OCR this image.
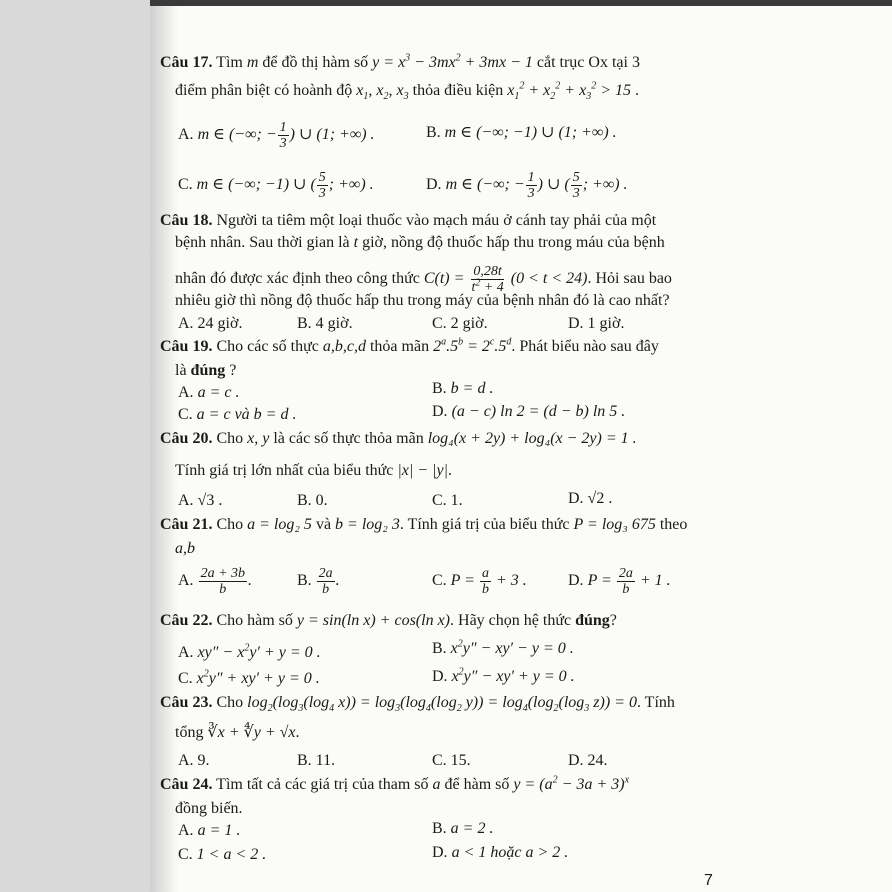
Câu 17. Tìm m để đồ thị hàm số $y = x^3 - 3mx^2 + 3mx - 1$ cắt trục Ox tại 3
điểm phân biệt có hoành độ $x_1$, $x_2$, $x_3$ thỏa điều kiện $x_1^2 + x_2^2 + x_3^2 > 15$ .
A. m ∈ (−∞; − $\frac{1}{3}$ ) ∪ (1; +∞) .	B. m ∈ (−∞; −1) ∪ (1; +∞) .
C. m ∈ (−∞; −1) ∪ ( $\frac{5}{3}$ ; +∞) .	D. m ∈ (−∞; − $\frac{1}{3}$ ) ∪ ( $\frac{5}{3}$ ; +∞) .
Câu 18. Người ta tiêm một loại thuốc vào mạch máu ở cánh tay phải của một
bệnh nhân. Sau thời gian là t giờ, nồng độ thuốc hấp thu trong máu của bệnh
nhân đó được xác định theo công thức $C(t) = \frac{0,28t}{t^2 + 4} (0 < t < 24)$. Hỏi sau bao
nhiêu giờ thì nồng độ thuốc hấp thu trong máy của bệnh nhân đó là cao nhất?
A. 24 giờ.	B. 4 giờ.	C. 2 giờ.	D. 1 giờ.
Câu 19. Cho các số thực a,b,c,d thỏa mãn $2^a.5^b = 2^c.5^d$. Phát biểu nào sau đây
là đúng ?
A. a = c .	B. b = d .
C. a = c và b = d .	D. (a − c) ln 2 = (d − b) ln 5 .
Câu 20. Cho x, y là các số thực thỏa mãn log₄(x + 2y) + log₄(x − 2y) = 1 .
Tính giá trị lớn nhất của biểu thức |x| − |y|.
A. √3 .	B. 0.	C. 1.	D. √2 .
Câu 21. Cho a = log₂ 5 và b = log₂ 3. Tính giá trị của biểu thức P = log₃ 675 theo
a,b
A. $\frac{2a + 3b}{b}$ .	B. $\frac{2a}{b}$ .	C. $P = \frac{a}{b} + 3$ .	D. $P = \frac{2a}{b} + 1$ .
Câu 22. Cho hàm số y = sin(ln x) + cos(ln x). Hãy chọn hệ thức đúng?
A. $xy'' - x^2y' + y = 0$ .	B. $x^2y'' - xy' - y = 0$ .
C. $x^2y'' + xy' + y = 0$ .	D. $x^2y'' - xy' + y = 0$ .
Câu 23. Cho $\log_2(\log_3(\log_4$ $x)) = \log_3(\log_4(\log_2$ $y)) = \log_4(\log_2(\log_3$ z)) = 0. Tính
tổng ∛x + ∜y + √x.
A. 9.	B. 11.	C. 15.	D. 24.
Câu 24. Tìm tất cả các giá trị của tham số a để hàm số $y = (a^2 - 3a + 3)^x$
đồng biến.
A. a = 1 .	B. a = 2 .
C. 1 < a < 2 .	D. a < 1 hoặc a > 2 .
7
